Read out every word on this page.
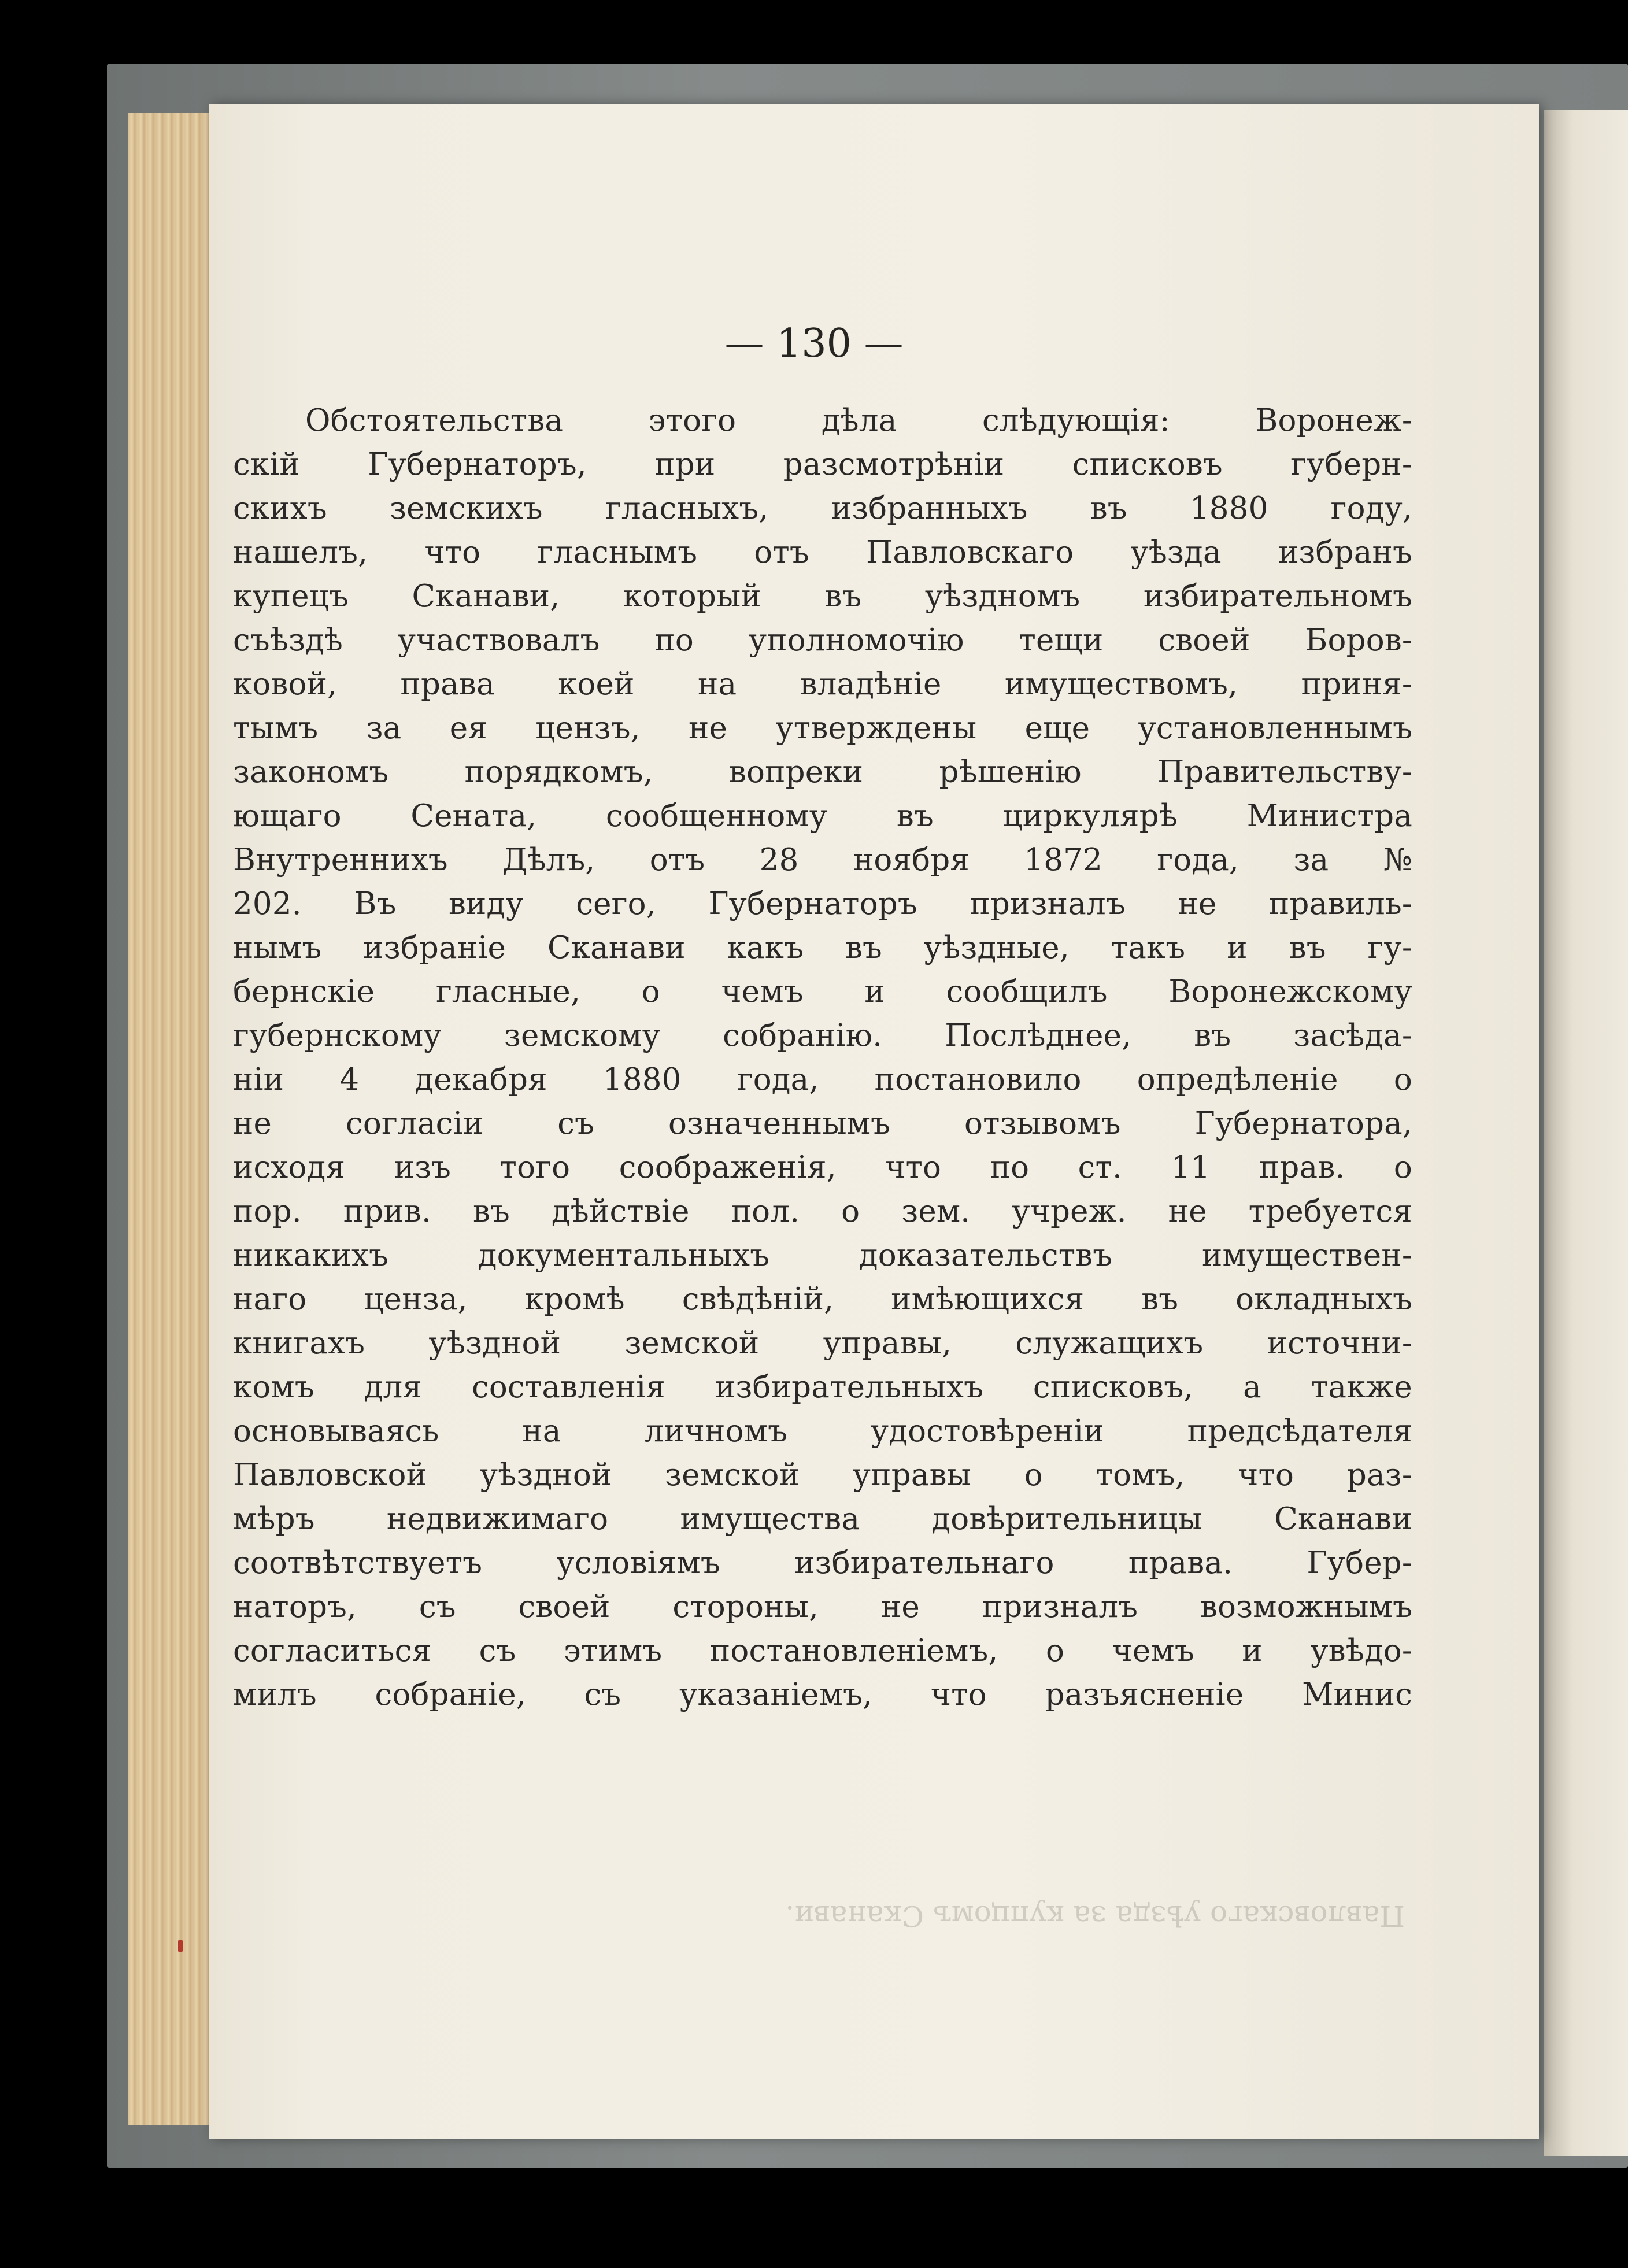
— 130 —

Обстоятельства этого дѣла слѣдующія: Воронеж-
скій Губернаторъ, при разсмотрѣніи списковъ губерн-
скихъ земскихъ гласныхъ, избранныхъ въ 1880 году,
нашелъ, что гласнымъ отъ Павловскаго уѣзда избранъ
купецъ Сканави, который въ уѣздномъ избирательномъ
съѣздѣ участвовалъ по уполномочію тещи своей Боров-
ковой, права коей на владѣніе имуществомъ, приня-
тымъ за ея цензъ, не утверждены еще установленнымъ
закономъ порядкомъ, вопреки рѣшенію Правительству-
ющаго Сената, сообщенному въ циркулярѣ Министра
Внутреннихъ Дѣлъ, отъ 28 ноября 1872 года, за №
202. Въ виду сего, Губернаторъ призналъ не правиль-
нымъ избраніе Сканави какъ въ уѣздные, такъ и въ гу-
бернскіе гласные, о чемъ и сообщилъ Воронежскому
губернскому земскому собранію. Послѣднее, въ засѣда-
ніи 4 декабря 1880 года, постановило опредѣленіе о
не согласіи съ означеннымъ отзывомъ Губернатора,
исходя изъ того соображенія, что по ст. 11 прав. о
пор. прив. въ дѣйствіе пол. о зем. учреж. не требуется
никакихъ документальныхъ доказательствъ имуществен-
наго ценза, кромѣ свѣдѣній, имѣющихся въ окладныхъ
книгахъ уѣздной земской управы, служащихъ источни-
комъ для составленія избирательныхъ списковъ, а также
основываясь на личномъ удостовѣреніи предсѣдателя
Павловской уѣздной земской управы о томъ, что раз-
мѣръ недвижимаго имущества довѣрительницы Сканави
соотвѣтствуетъ условіямъ избирательнаго права. Губер-
наторъ, съ своей стороны, не призналъ возможнымъ
согласиться съ этимъ постановленіемъ, о чемъ и увѣдо-
милъ собраніе, съ указаніемъ, что разъясненіе Минис

Павловскаго уѣзда за купцомъ Сканави.
